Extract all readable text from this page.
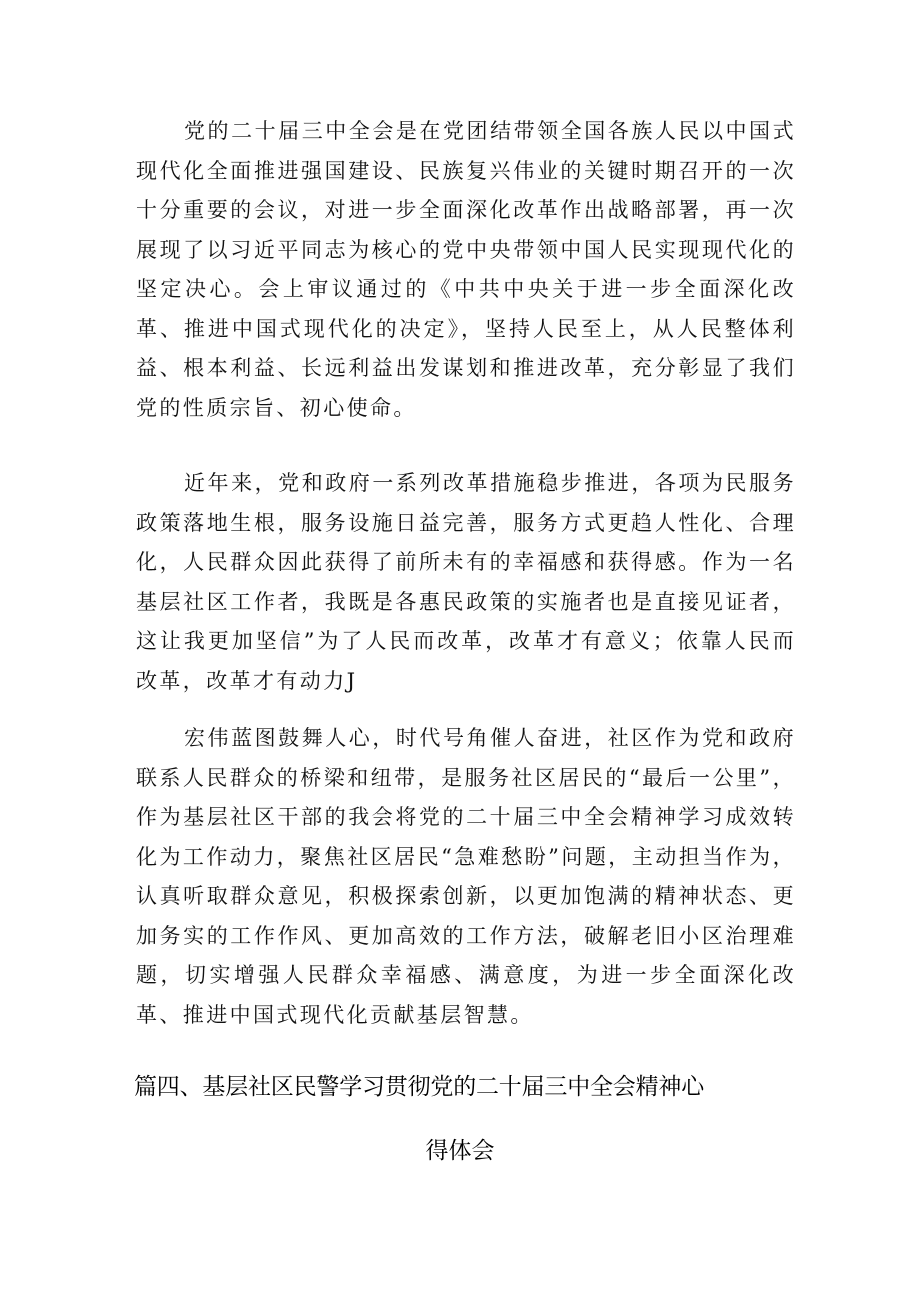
党的二十届三中全会是在党团结带领全国各族人民以中国式现代化全面推进强国建设、民族复兴伟业的关键时期召开的一次十分重要的会议，对进一步全面深化改革作出战略部署，再一次展现了以习近平同志为核心的党中央带领中国人民实现现代化的坚定决心。会上审议通过的《中共中央关于进一步全面深化改革、推进中国式现代化的决定》，坚持人民至上，从人民整体利益、根本利益、长远利益出发谋划和推进改革，充分彰显了我们党的性质宗旨、初心使命。

近年来，党和政府一系列改革措施稳步推进，各项为民服务政策落地生根，服务设施日益完善，服务方式更趋人性化、合理化，人民群众因此获得了前所未有的幸福感和获得感。作为一名基层社区工作者，我既是各惠民政策的实施者也是直接见证者，这让我更加坚信”为了人民而改革，改革才有意义；依靠人民而改革，改革才有动力J

宏伟蓝图鼓舞人心，时代号角催人奋进，社区作为党和政府联系人民群众的桥梁和纽带，是服务社区居民的“最后一公里”，作为基层社区干部的我会将党的二十届三中全会精神学习成效转化为工作动力，聚焦社区居民“急难愁盼”问题，主动担当作为，认真听取群众意见，积极探索创新，以更加饱满的精神状态、更加务实的工作作风、更加高效的工作方法，破解老旧小区治理难题，切实增强人民群众幸福感、满意度，为进一步全面深化改革、推进中国式现代化贡献基层智慧。

篇四、基层社区民警学习贯彻党的二十届三中全会精神心

得体会
